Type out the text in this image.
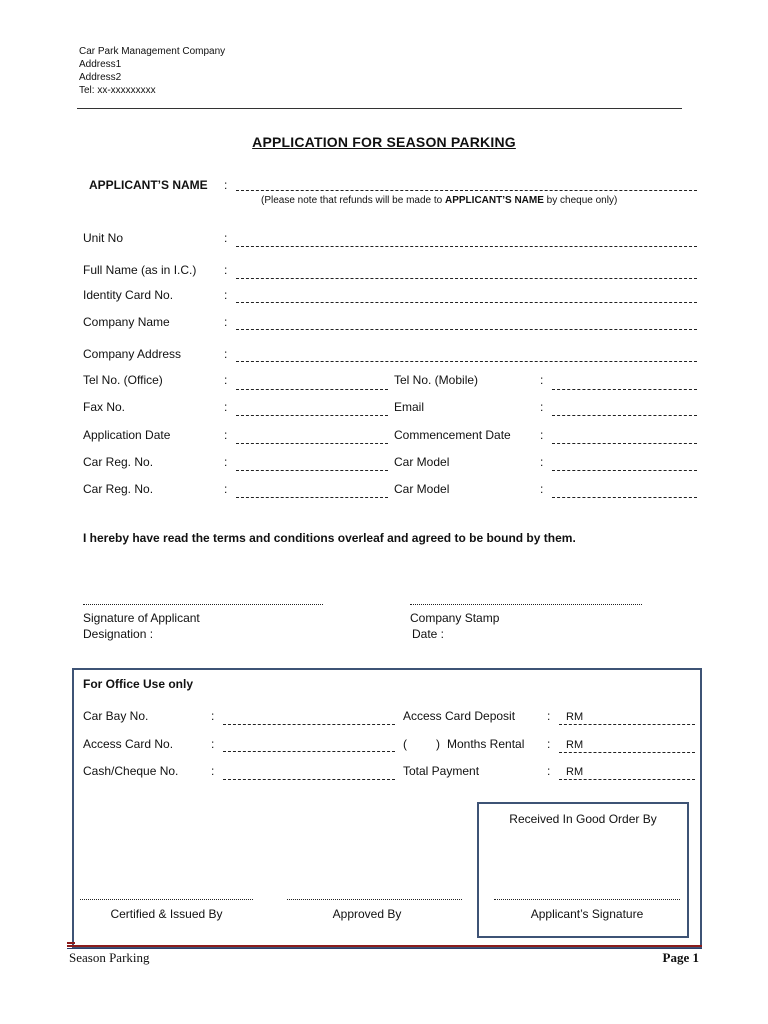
Car Park Management Company
Address1
Address2
Tel: xx-xxxxxxxxx
APPLICATION FOR SEASON PARKING
APPLICANT’S NAME :
(Please note that refunds will be made to APPLICANT’S NAME by cheque only)
Unit No	:
Full Name (as in I.C.) :
Identity Card No.	:
Company Name	:
Company Address	:
Tel No. (Office)	:	Tel No. (Mobile)	:
Fax No.	:	Email	:
Application Date	:	Commencement Date :
Car Reg. No.	:	Car Model	:
Car Reg. No.	:	Car Model	:
I hereby have read the terms and conditions overleaf and agreed to be bound by them.
Signature of Applicant
Designation :
Company Stamp
Date :
For Office Use only
Car Bay No.	:	Access Card Deposit	: RM
Access Card No.	:	( ) Months Rental : RM
Cash/Cheque No.	:	Total Payment	: RM
Received In Good Order By
Certified & Issued By	Approved By	Applicant’s Signature
Season Parking	Page 1
